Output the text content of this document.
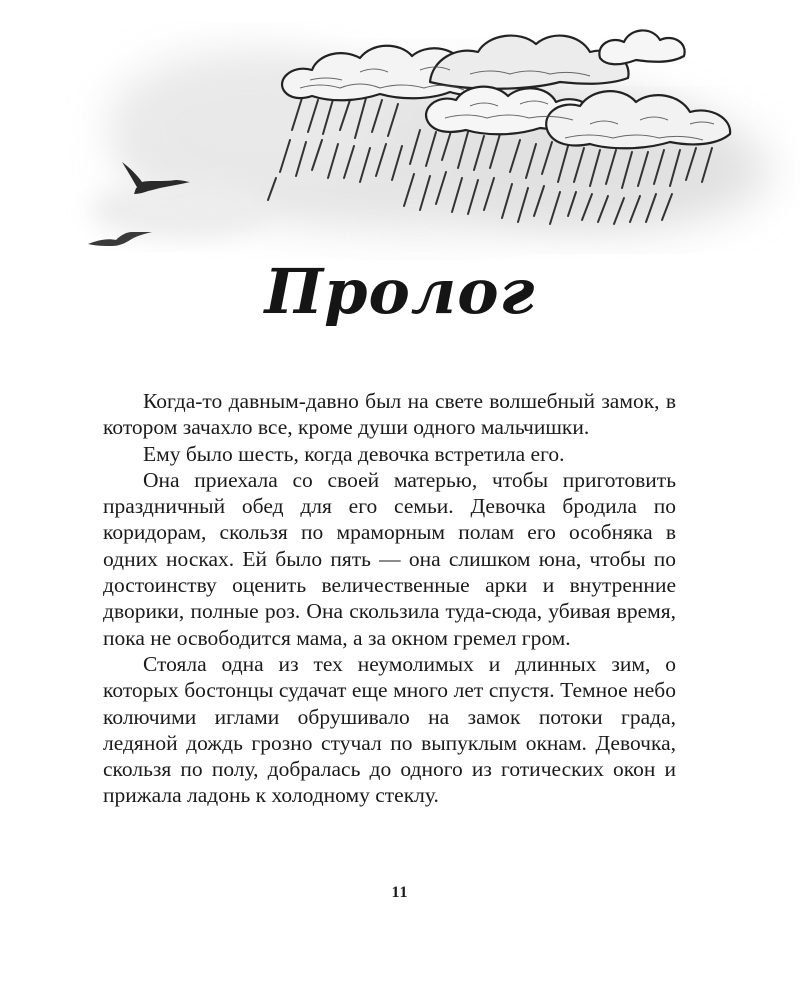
Пролог

Когда-то давным-давно был на свете волшебный замок, в котором зачахло все, кроме души одного мальчишки.

Ему было шесть, когда девочка встретила его.

Она приехала со своей матерью, чтобы приготовить праздничный обед для его семьи. Девочка бродила по коридорам, скользя по мраморным полам его особняка в одних носках. Ей было пять — она слишком юна, чтобы по достоинству оценить величественные арки и внутренние дворики, полные роз. Она скользила туда-сюда, убивая время, пока не освободится мама, а за окном гремел гром.

Стояла одна из тех неумолимых и длинных зим, о которых бостонцы судачат еще много лет спустя. Темное небо колючими иглами обрушивало на замок потоки града, ледяной дождь грозно стучал по выпуклым окнам. Девочка, скользя по полу, добралась до одного из готических окон и прижала ладонь к холодному стеклу.

11
